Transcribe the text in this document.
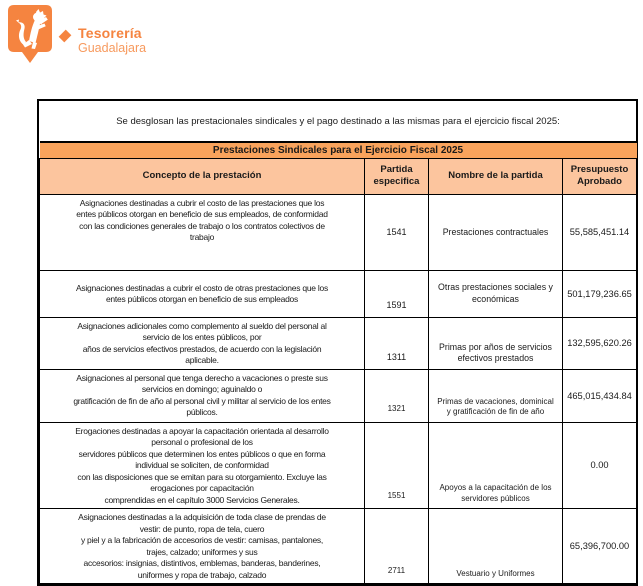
Tesorería
Guadalajara
Se desglosan las prestacionales sindicales y el pago destinado a las mismas para el ejercicio fiscal 2025:			
Prestaciones Sindicales para el Ejercicio Fiscal 2025			
Concepto de la prestación	Partida especifica	Nombre de la partida	Presupuesto Aprobado
Asignaciones destinadas a cubrir el costo de las prestaciones que los
entes públicos otorgan en beneficio de sus empleados, de conformidad
con las condiciones generales de trabajo o los contratos colectivos de
trabajo	1541	Prestaciones contractuales	55,585,451.14
Asignaciones destinadas a cubrir el costo de otras prestaciones que los
entes públicos otorgan en beneficio de sus empleados	1591	Otras prestaciones sociales y
económicas	501,179,236.65
Asignaciones adicionales como complemento al sueldo del personal al
servicio de los entes públicos, por
años de servicios efectivos prestados, de acuerdo con la legislación
aplicable.	1311	Primas por años de servicios
efectivos prestados	132,595,620.26
Asignaciones al personal que tenga derecho a vacaciones o preste sus
servicios en domingo; aguinaldo o
gratificación de fin de año al personal civil y militar al servicio de los entes
públicos.	1321	Primas de vacaciones, dominical
y gratificación de fin de año	465,015,434.84
Erogaciones destinadas a apoyar la capacitación orientada al desarrollo
personal o profesional de los
servidores públicos que determinen los entes públicos o que en forma
individual se soliciten, de conformidad
con las disposiciones que se emitan para su otorgamiento. Excluye las
erogaciones por capacitación
comprendidas en el capítulo 3000 Servicios Generales.	1551	Apoyos a la capacitación de los
servidores públicos	0.00
Asignaciones destinadas a la adquisición de toda clase de prendas de
vestir: de punto, ropa de tela, cuero
y piel y a la fabricación de accesorios de vestir: camisas, pantalones,
trajes, calzado; uniformes y sus
accesorios: insignias, distintivos, emblemas, banderas, banderines,
uniformes y ropa de trabajo, calzado	2711	Vestuario y Uniformes	65,396,700.00
